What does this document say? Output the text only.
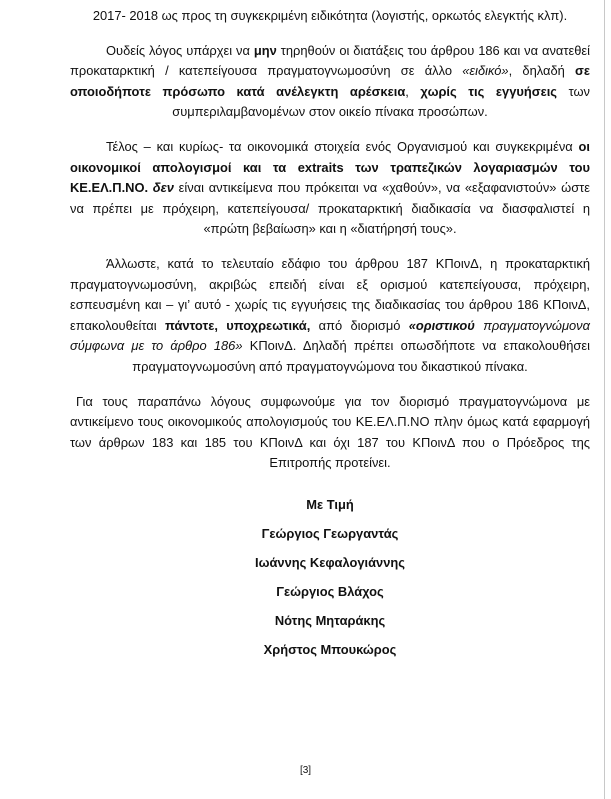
2017- 2018 ως προς τη συγκεκριμένη ειδικότητα (λογιστής, ορκωτός ελεγκτής κλπ).

Ουδείς λόγος υπάρχει να μην τηρηθούν οι διατάξεις του άρθρου 186 και να ανατεθεί προκαταρκτική / κατεπείγουσα πραγματογνωμοσύνη σε άλλο «ειδικό», δηλαδή σε οποιοδήποτε πρόσωπο κατά ανέλεγκτη αρέσκεια, χωρίς τις εγγυήσεις των συμπεριλαμβανομένων στον οικείο πίνακα προσώπων.

Τέλος – και κυρίως- τα οικονομικά στοιχεία ενός Οργανισμού και συγκεκριμένα οι οικονομικοί απολογισμοί και τα extraits των τραπεζικών λογαριασμών του ΚΕ.ΕΛ.Π.ΝΟ. δεν είναι αντικείμενα που πρόκειται να «χαθούν», να «εξαφανιστούν» ώστε να πρέπει με πρόχειρη, κατεπείγουσα/ προκαταρκτική διαδικασία να διασφαλιστεί η «πρώτη βεβαίωση» και η «διατήρησή τους».

Άλλωστε, κατά το τελευταίο εδάφιο του άρθρου 187 ΚΠοινΔ, η προκαταρκτική πραγματογνωμοσύνη, ακριβώς επειδή είναι εξ ορισμού κατεπείγουσα, πρόχειρη, εσπευσμένη και – γι’ αυτό - χωρίς τις εγγυήσεις της διαδικασίας του άρθρου 186 ΚΠοινΔ, επακολουθείται πάντοτε, υποχρεωτικά, από διορισμό «οριστικού πραγματογνώμονα σύμφωνα με το άρθρο 186» ΚΠοινΔ. Δηλαδή πρέπει οπωσδήποτε να επακολουθήσει πραγματογνωμοσύνη από πραγματογνώμονα του δικαστικού πίνακα.

Για τους παραπάνω λόγους συμφωνούμε για τον διορισμό πραγματογνώμονα με αντικείμενο τους οικονομικούς απολογισμούς του ΚΕ.ΕΛ.Π.ΝΟ πλην όμως κατά εφαρμογή των άρθρων 183 και 185 του ΚΠοινΔ και όχι 187 του ΚΠοινΔ που ο Πρόεδρος της Επιτροπής προτείνει.

Με Τιμή
Γεώργιος Γεωργαντάς
Ιωάννης Κεφαλογιάννης
Γεώργιος Βλάχος
Νότης Μηταράκης
Χρήστος Μπουκώρος
[3]
